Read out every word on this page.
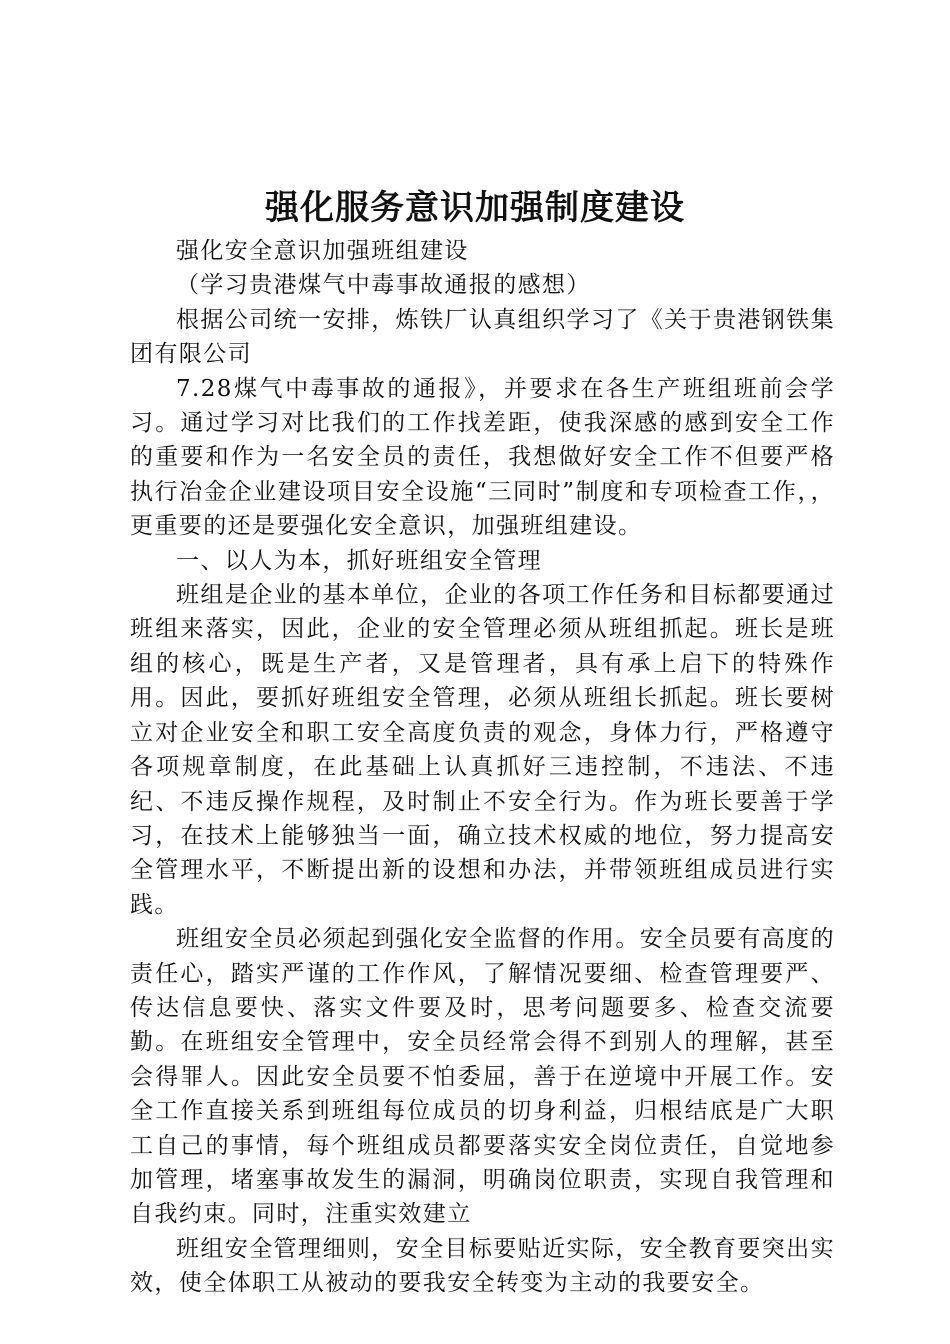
强化服务意识加强制度建设

强化安全意识加强班组建设

（学习贵港煤气中毒事故通报的感想）

根据公司统一安排，炼铁厂认真组织学习了《关于贵港钢铁集团有限公司

7.28煤气中毒事故的通报》，并要求在各生产班组班前会学习。通过学习对比我们的工作找差距，使我深感的感到安全工作的重要和作为一名安全员的责任，我想做好安全工作不但要严格执行冶金企业建设项目安全设施“三同时”制度和专项检查工作，，更重要的还是要强化安全意识，加强班组建设。

一、以人为本，抓好班组安全管理

班组是企业的基本单位，企业的各项工作任务和目标都要通过班组来落实，因此，企业的安全管理必须从班组抓起。班长是班组的核心，既是生产者，又是管理者，具有承上启下的特殊作用。因此，要抓好班组安全管理，必须从班组长抓起。班长要树立对企业安全和职工安全高度负责的观念，身体力行，严格遵守各项规章制度，在此基础上认真抓好三违控制，不违法、不违纪、不违反操作规程，及时制止不安全行为。作为班长要善于学习，在技术上能够独当一面，确立技术权威的地位，努力提高安全管理水平，不断提出新的设想和办法，并带领班组成员进行实践。

班组安全员必须起到强化安全监督的作用。安全员要有高度的责任心，踏实严谨的工作作风，了解情况要细、检查管理要严、传达信息要快、落实文件要及时，思考问题要多、检查交流要勤。在班组安全管理中，安全员经常会得不到别人的理解，甚至会得罪人。因此安全员要不怕委屈，善于在逆境中开展工作。安全工作直接关系到班组每位成员的切身利益，归根结底是广大职工自己的事情，每个班组成员都要落实安全岗位责任，自觉地参加管理，堵塞事故发生的漏洞，明确岗位职责，实现自我管理和自我约束。同时，注重实效建立

班组安全管理细则，安全目标要贴近实际，安全教育要突出实效，使全体职工从被动的要我安全转变为主动的我要安全。
